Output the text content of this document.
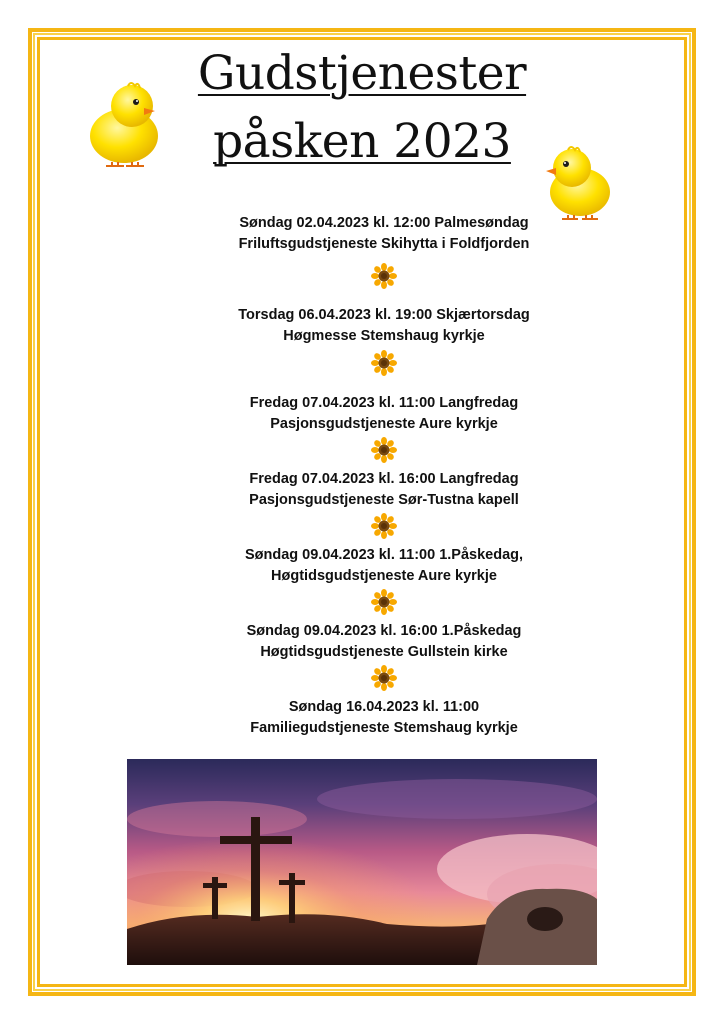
Gudstjenester
påsken 2023
Søndag 02.04.2023 kl. 12:00 Palmesøndag
Friluftsgudstjeneste Skihytta i Foldfjorden
Torsdag 06.04.2023 kl. 19:00 Skjærtorsdag
Høgmesse Stemshaug kyrkje
Fredag 07.04.2023 kl. 11:00 Langfredag
Pasjonsgudstjeneste Aure kyrkje
Fredag 07.04.2023 kl. 16:00 Langfredag
Pasjonsgudstjeneste Sør-Tustna kapell
Søndag 09.04.2023 kl. 11:00 1.Påskedag,
Høgtidsgudstjeneste Aure kyrkje
Søndag 09.04.2023 kl. 16:00 1.Påskedag
Høgtidsgudstjeneste Gullstein kirke
Søndag 16.04.2023 kl. 11:00
Familiegudstjeneste Stemshaug kyrkje
